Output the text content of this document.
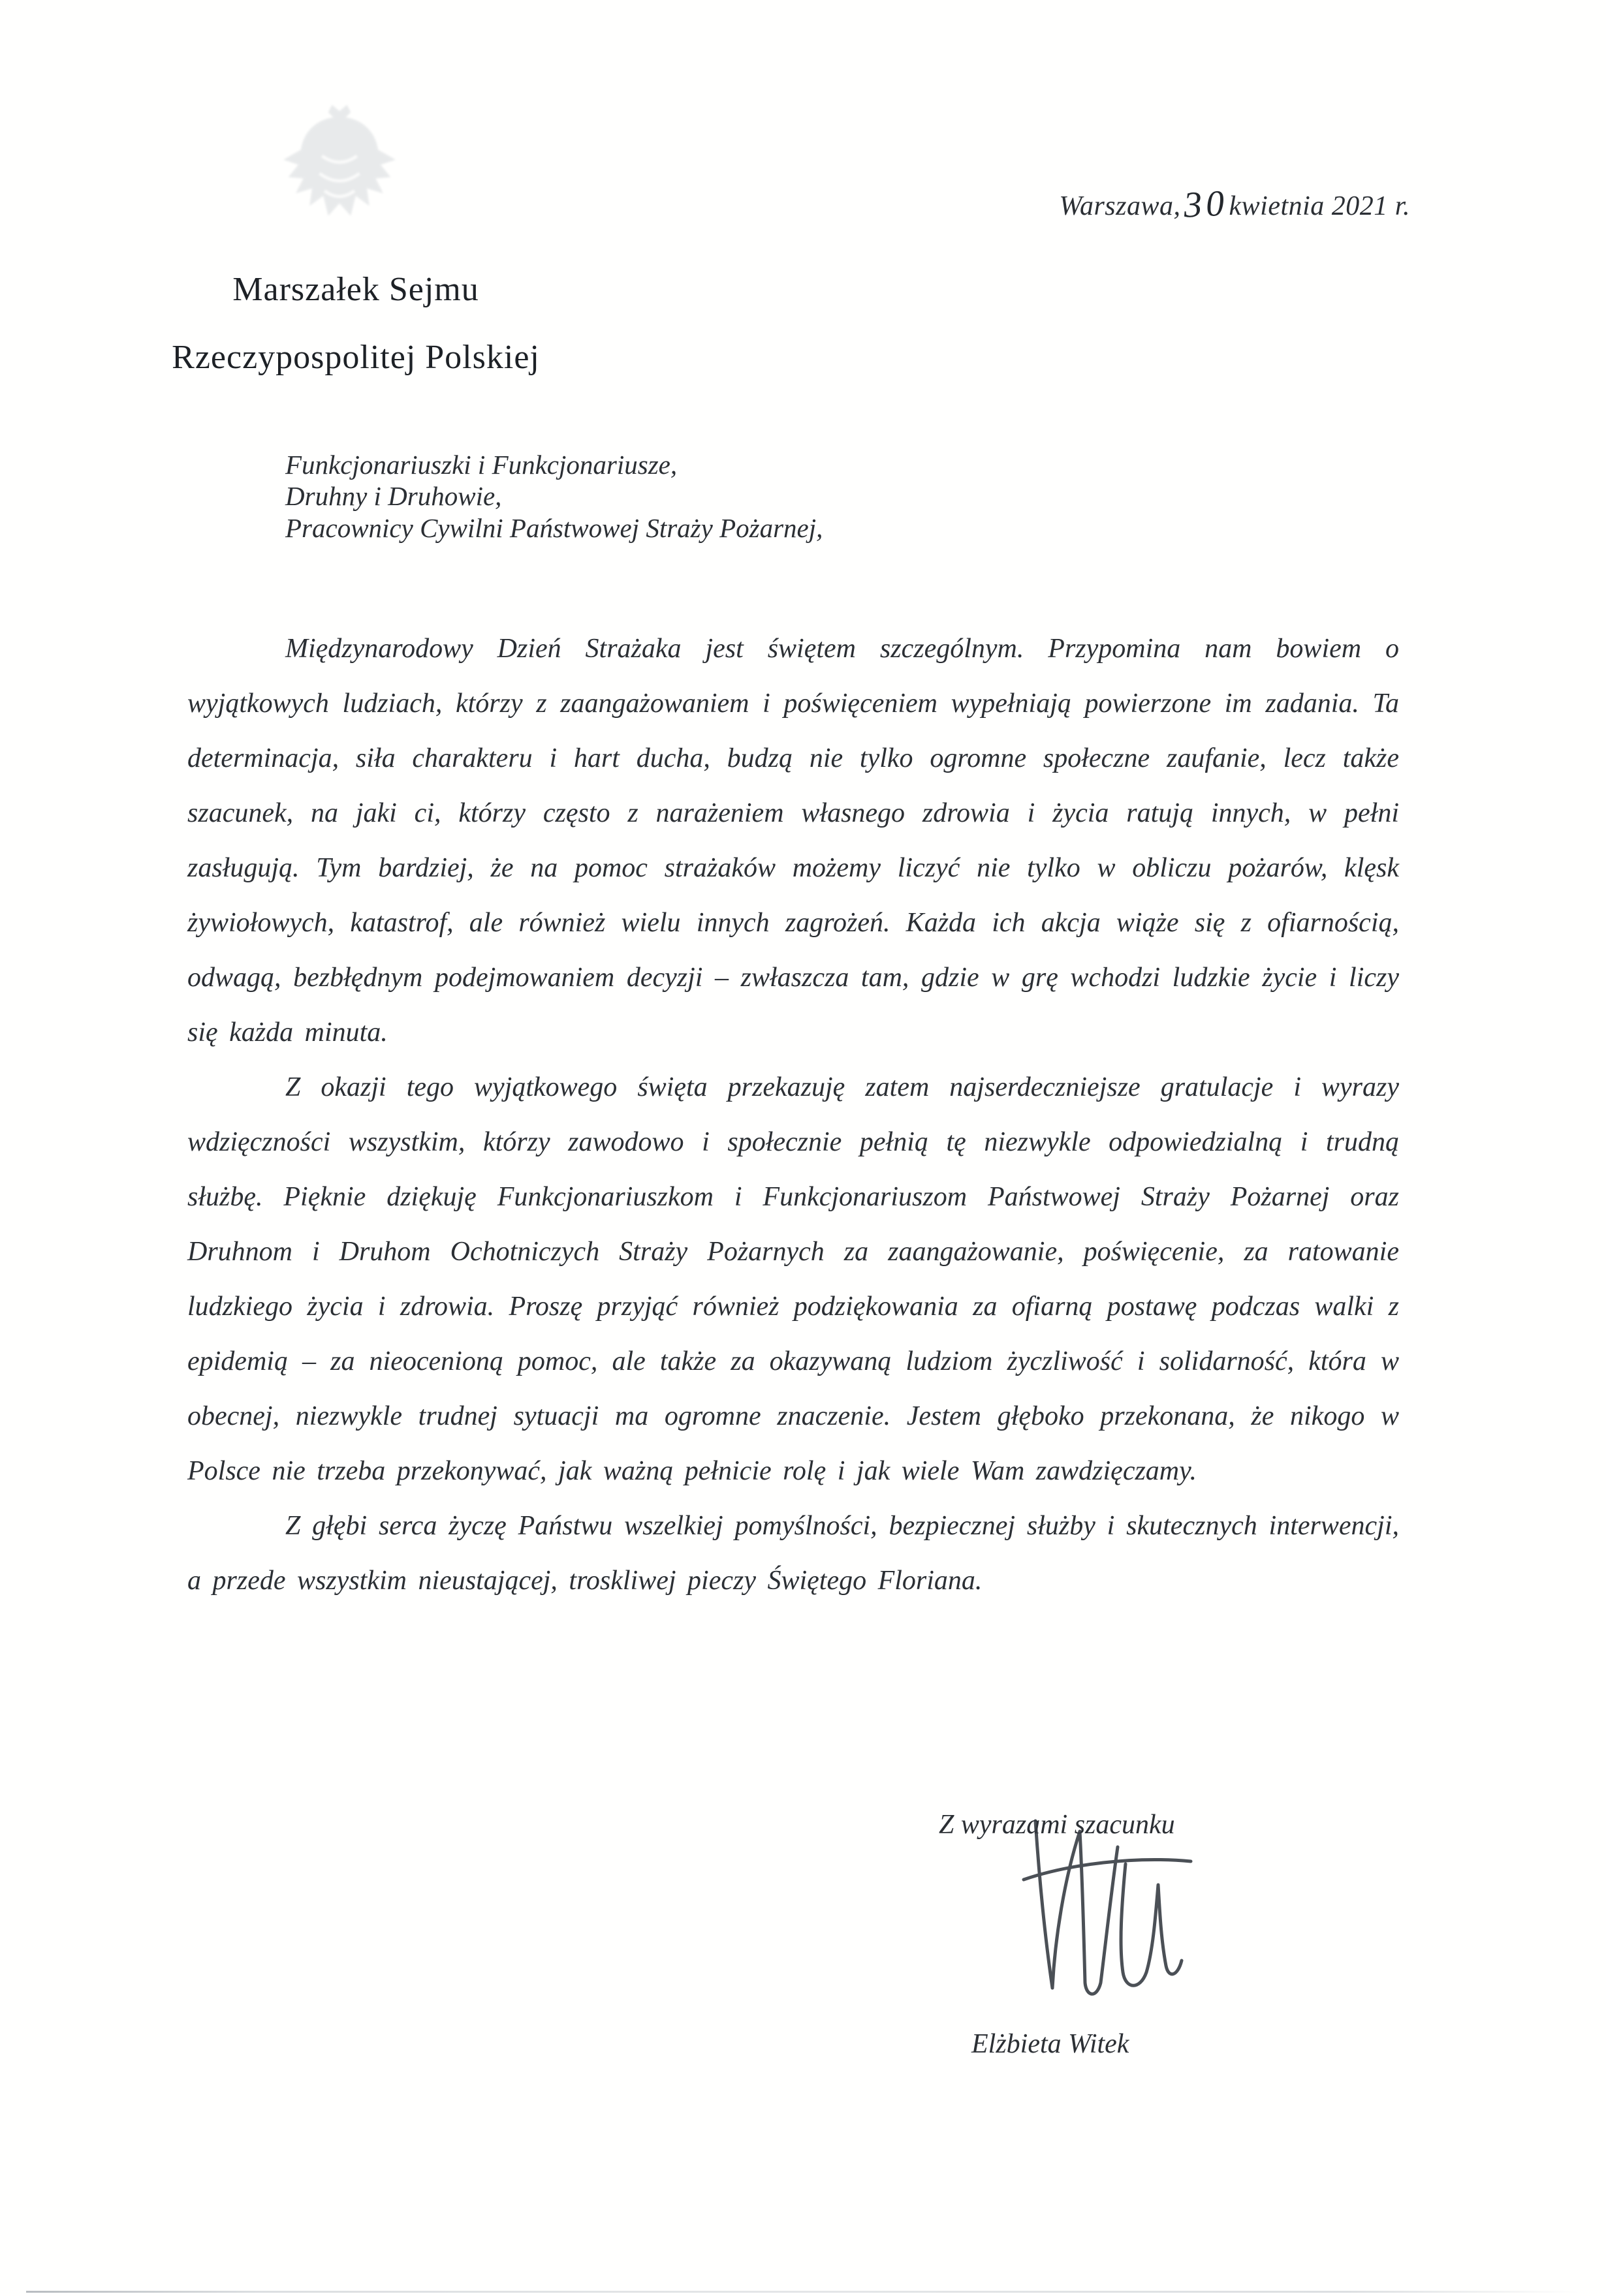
Warszawa,30kwietnia 2021 r.
Marszałek Sejmu
Rzeczypospolitej Polskiej
Funkcjonariuszki i Funkcjonariusze,
Druhny i Druhowie,
Pracownicy Cywilni Państwowej Straży Pożarnej,

Międzynarodowy Dzień Strażaka jest świętem szczególnym. Przypomina nam bowiem o wyjątkowych ludziach, którzy z zaangażowaniem i poświęceniem wypełniają powierzone im zadania. Ta determinacja, siła charakteru i hart ducha, budzą nie tylko ogromne społeczne zaufanie, lecz także szacunek, na jaki ci, którzy często z narażeniem własnego zdrowia i życia ratują innych, w pełni zasługują. Tym bardziej, że na pomoc strażaków możemy liczyć nie tylko w obliczu pożarów, klęsk żywiołowych, katastrof, ale również wielu innych zagrożeń. Każda ich akcja wiąże się z ofiarnością, odwagą, bezbłędnym podejmowaniem decyzji – zwłaszcza tam, gdzie w grę wchodzi ludzkie życie i liczy się każda minuta.

Z okazji tego wyjątkowego święta przekazuję zatem najserdeczniejsze gratulacje i wyrazy wdzięczności wszystkim, którzy zawodowo i społecznie pełnią tę niezwykle odpowiedzialną i trudną służbę. Pięknie dziękuję Funkcjonariuszkom i Funkcjonariuszom Państwowej Straży Pożarnej oraz Druhnom i Druhom Ochotniczych Straży Pożarnych za zaangażowanie, poświęcenie, za ratowanie ludzkiego życia i zdrowia. Proszę przyjąć również podziękowania za ofiarną postawę podczas walki z epidemią – za nieocenioną pomoc, ale także za okazywaną ludziom życzliwość i solidarność, która w obecnej, niezwykle trudnej sytuacji ma ogromne znaczenie. Jestem głęboko przekonana, że nikogo w Polsce nie trzeba przekonywać, jak ważną pełnicie rolę i jak wiele Wam zawdzięczamy.

Z głębi serca życzę Państwu wszelkiej pomyślności, bezpiecznej służby i skutecznych interwencji, a przede wszystkim nieustającej, troskliwej pieczy Świętego Floriana.

Z wyrazami szacunku
Elżbieta Witek
